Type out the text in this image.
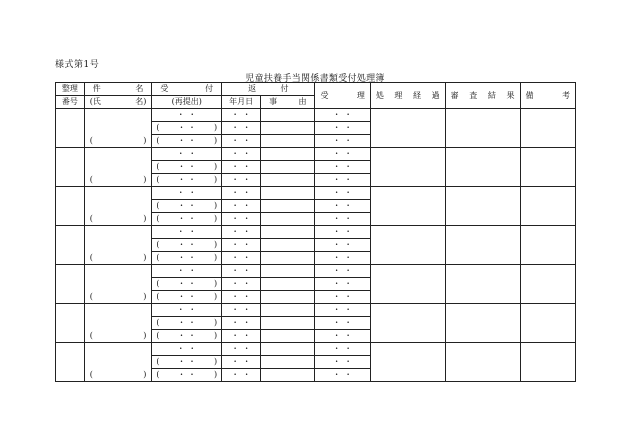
様式第1号
児童扶養手当関係書類受付処理簿
整理	件 名	受 付	返 付		受 理	処 理 経 過	審 査 結 果	備 考

番号	(氏 名)	(再提出)	年月日	事 由				

	( )	・ ・	・ ・		・ ・			

		( ・ ・ )	・ ・		・ ・			

		( ・ ・ )	・ ・		・ ・			

	( )	・ ・	・ ・		・ ・			

		( ・ ・ )	・ ・		・ ・			

		( ・ ・ )	・ ・		・ ・			

	( )	・ ・	・ ・		・ ・			

		( ・ ・ )	・ ・		・ ・			

		( ・ ・ )	・ ・		・ ・			

	( )	・ ・	・ ・		・ ・			

		( ・ ・ )	・ ・		・ ・			

		( ・ ・ )	・ ・		・ ・			

	( )	・ ・	・ ・		・ ・			

		( ・ ・ )	・ ・		・ ・			

		( ・ ・ )	・ ・		・ ・			

	( )	・ ・	・ ・		・ ・			

		( ・ ・ )	・ ・		・ ・			

		( ・ ・ )	・ ・		・ ・			

	( )	・ ・	・ ・		・ ・			

		( ・ ・ )	・ ・		・ ・			

		( ・ ・ )	・ ・		・ ・			
